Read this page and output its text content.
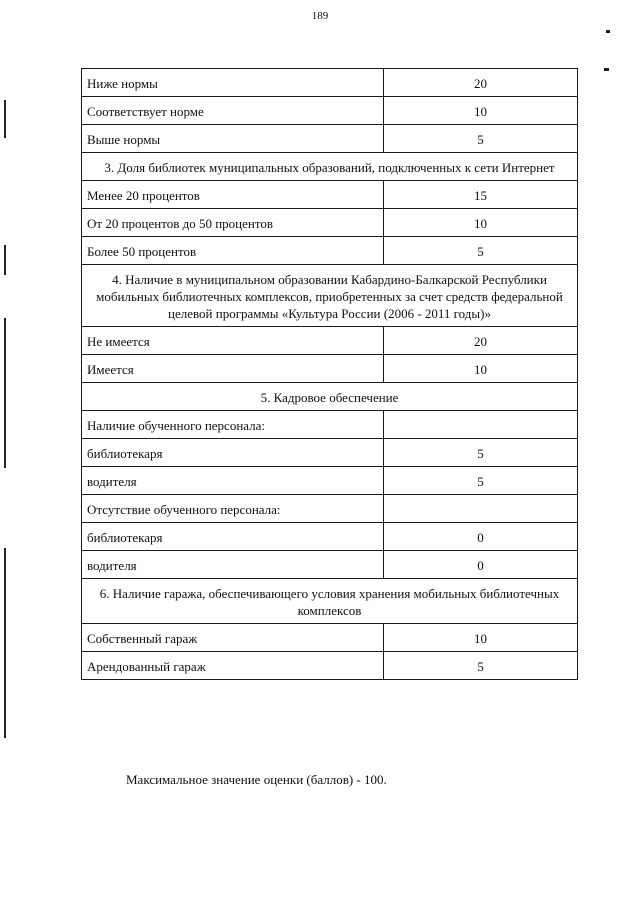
189
Ниже нормы	20
Соответствует норме	10
Выше нормы	5
3. Доля библиотек муниципальных образований, подключенных к сети Интернет	
Менее 20 процентов	15
От 20 процентов до 50 процентов	10
Более 50 процентов	5
4. Наличие в муниципальном образовании Кабардино-Балкарской Республики мобильных библиотечных комплексов, приобретенных за счет средств федеральной целевой программы «Культура России (2006 - 2011 годы)»	
Не имеется	20
Имеется	10
5. Кадровое обеспечение	
Наличие обученного персонала:	
библиотекаря	5
водителя	5
Отсутствие обученного персонала:	
библиотекаря	0
водителя	0
6. Наличие гаража, обеспечивающего условия хранения мобильных библиотечных комплексов	
Собственный гараж	10
Арендованный гараж	5
Максимальное значение оценки (баллов) - 100.
